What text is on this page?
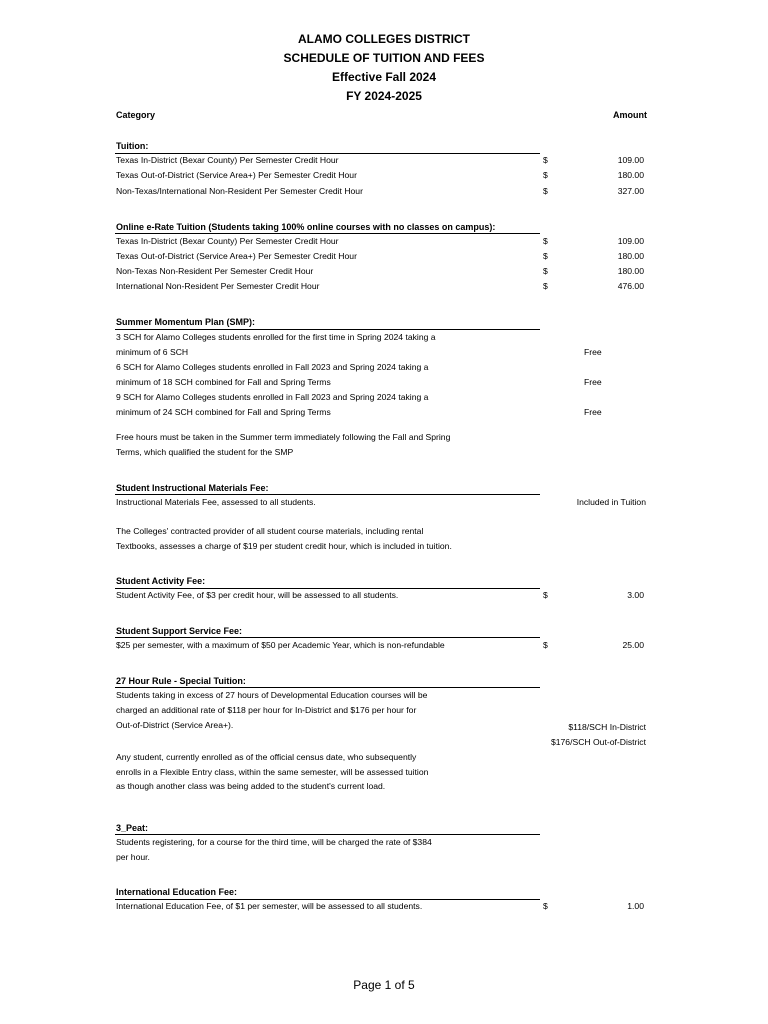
ALAMO COLLEGES DISTRICT
SCHEDULE OF TUITION AND FEES
Effective Fall 2024
FY 2024-2025
Category	Amount
Tuition:
Texas In-District (Bexar County) Per Semester Credit Hour	$	109.00
Texas Out-of-District (Service Area+) Per Semester Credit Hour	$	180.00
Non-Texas/International Non-Resident Per Semester Credit Hour	$	327.00
Online e-Rate Tuition (Students taking 100% online courses with no classes on campus):
Texas In-District (Bexar County) Per Semester Credit Hour	$	109.00
Texas Out-of-District (Service Area+) Per Semester Credit Hour	$	180.00
Non-Texas Non-Resident Per Semester Credit Hour	$	180.00
International Non-Resident Per Semester Credit Hour	$	476.00
Summer Momentum Plan (SMP):
3 SCH for Alamo Colleges students enrolled for the first time in Spring 2024 taking a
minimum of 6 SCH	Free
6 SCH for Alamo Colleges students enrolled in Fall 2023 and Spring 2024 taking a
minimum of 18 SCH combined for Fall and Spring Terms	Free
9 SCH for Alamo Colleges students enrolled in Fall 2023 and Spring 2024 taking a
minimum of 24 SCH combined for Fall and Spring Terms	Free
Free hours must be taken in the Summer term immediately following the Fall and Spring
Terms, which qualified the student for the SMP
Student Instructional Materials Fee:
Instructional Materials Fee, assessed to all students.	Included in Tuition
The Colleges' contracted provider of all student course materials, including rental
Textbooks, assesses a charge of $19 per student credit hour, which is included in tuition.
Student Activity Fee:
Student Activity Fee, of $3 per credit hour, will be assessed to all students.	$	3.00
Student Support Service Fee:
$25 per semester, with a maximum of $50 per Academic Year, which is non-refundable	$	25.00
27 Hour Rule - Special Tuition:
Students taking in excess of 27 hours of Developmental Education courses will be
charged an additional rate of $118 per hour for In-District and $176 per hour for
Out-of-District (Service Area+).	$118/SCH In-District
$176/SCH Out-of-District
Any student, currently enrolled as of the official census date, who subsequently
enrolls in a Flexible Entry class, within the same semester, will be assessed tuition
as though another class was being added to the student's current load.
3_Peat:
Students registering, for a course for the third time, will be charged the rate of $384
per hour.
International Education Fee:
International Education Fee, of $1 per semester, will be assessed to all students.	$	1.00
Page 1 of 5
